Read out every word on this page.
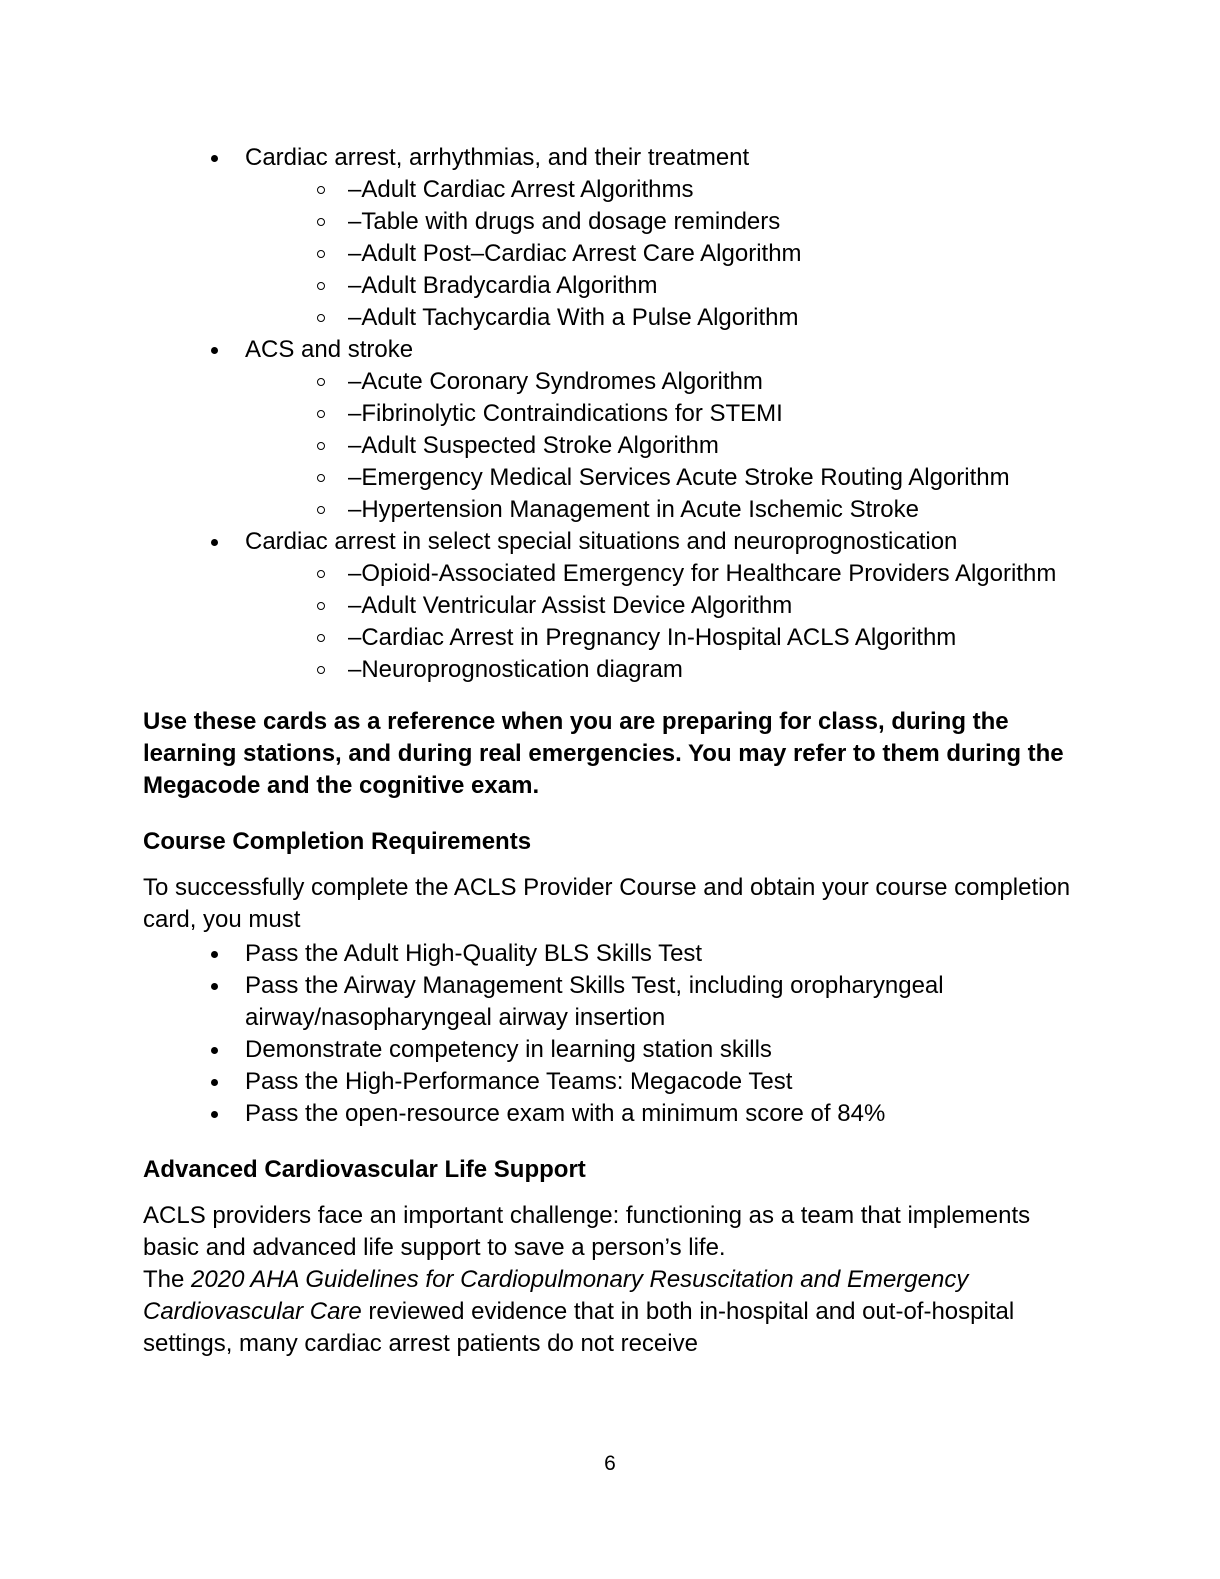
Cardiac arrest, arrhythmias, and their treatment
–Adult Cardiac Arrest Algorithms
–Table with drugs and dosage reminders
–Adult Post–Cardiac Arrest Care Algorithm
–Adult Bradycardia Algorithm
–Adult Tachycardia With a Pulse Algorithm
ACS and stroke
–Acute Coronary Syndromes Algorithm
–Fibrinolytic Contraindications for STEMI
–Adult Suspected Stroke Algorithm
–Emergency Medical Services Acute Stroke Routing Algorithm
–Hypertension Management in Acute Ischemic Stroke
Cardiac arrest in select special situations and neuroprognostication
–Opioid-Associated Emergency for Healthcare Providers Algorithm
–Adult Ventricular Assist Device Algorithm
–Cardiac Arrest in Pregnancy In-Hospital ACLS Algorithm
–Neuroprognostication diagram

Use these cards as a reference when you are preparing for class, during the learning stations, and during real emergencies. You may refer to them during the Megacode and the cognitive exam.

Course Completion Requirements

To successfully complete the ACLS Provider Course and obtain your course completion card, you must

Pass the Adult High-Quality BLS Skills Test
Pass the Airway Management Skills Test, including oropharyngeal airway/nasopharyngeal airway insertion
Demonstrate competency in learning station skills
Pass the High-Performance Teams: Megacode Test
Pass the open-resource exam with a minimum score of 84%
Advanced Cardiovascular Life Support

ACLS providers face an important challenge: functioning as a team that implements basic and advanced life support to save a person’s life.
The 2020 AHA Guidelines for Cardiopulmonary Resuscitation and Emergency Cardiovascular Care reviewed evidence that in both in-hospital and out-of-hospital settings, many cardiac arrest patients do not receive

6
